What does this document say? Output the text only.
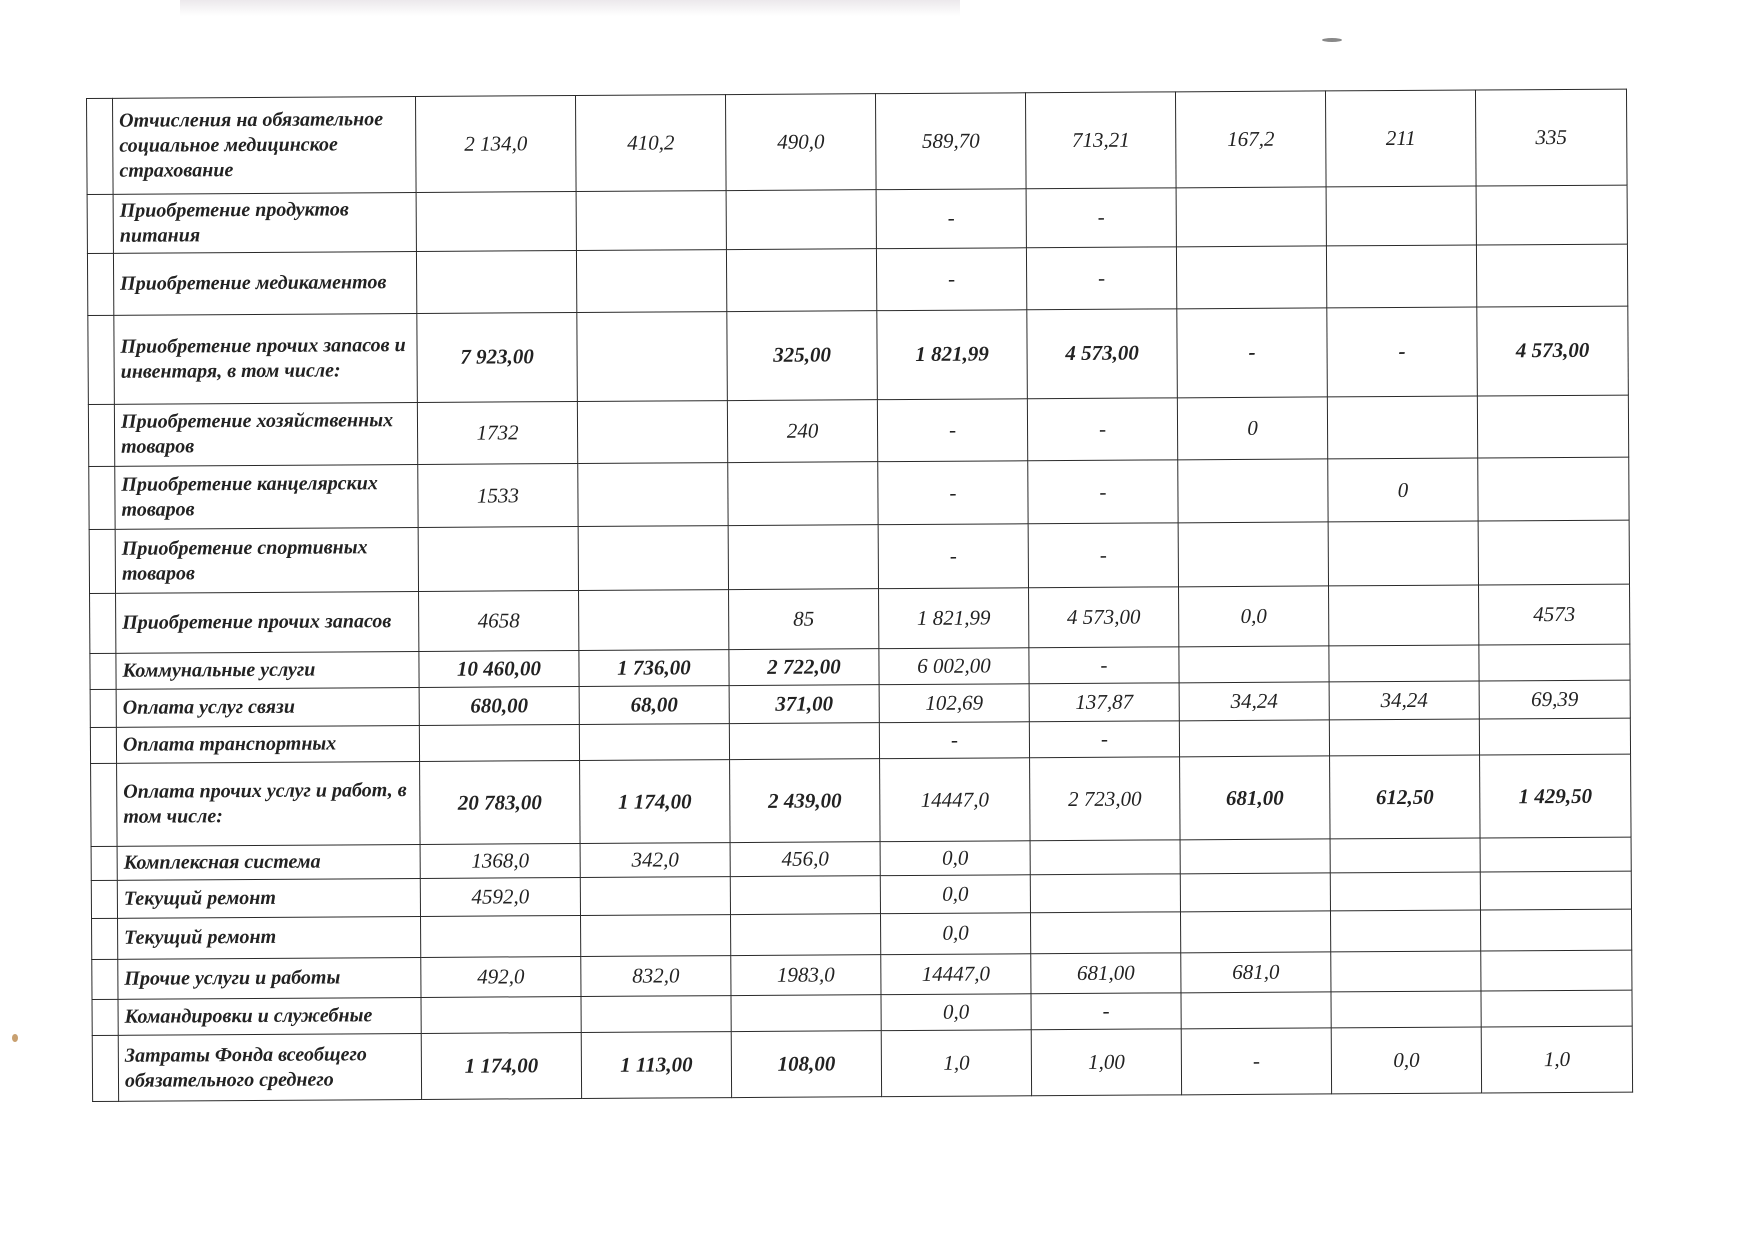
	Отчисления на обязательное социальное медицинское страхование	2 134,0	410,2	490,0	589,70	713,21	167,2	211	335
	Приобретение продуктов питания				-	-			
	Приобретение медикаментов				-	-			
	Приобретение прочих запасов и инвентаря, в том числе:	7 923,00		325,00	1 821,99	4 573,00	-	-	4 573,00
	Приобретение хозяйственных товаров	1732		240	-	-	0		
	Приобретение канцелярских товаров	1533			-	-		0	
	Приобретение спортивных товаров				-	-			
	Приобретение прочих запасов	4658		85	1 821,99	4 573,00	0,0		4573
	Коммунальные услуги	10 460,00	1 736,00	2 722,00	6 002,00	-			
	Оплата услуг связи	680,00	68,00	371,00	102,69	137,87	34,24	34,24	69,39
	Оплата транспортных				-	-			
	Оплата прочих услуг и работ, в том числе:	20 783,00	1 174,00	2 439,00	14447,0	2 723,00	681,00	612,50	1 429,50
	Комплексная система	1368,0	342,0	456,0	0,0				
	Текущий ремонт	4592,0			0,0				
	Текущий ремонт				0,0				
	Прочие услуги и работы	492,0	832,0	1983,0	14447,0	681,00	681,0		
	Командировки и служебные				0,0	-			
	Затраты Фонда всеобщего обязательного среднего	1 174,00	1 113,00	108,00	1,0	1,00	-	0,0	1,0
